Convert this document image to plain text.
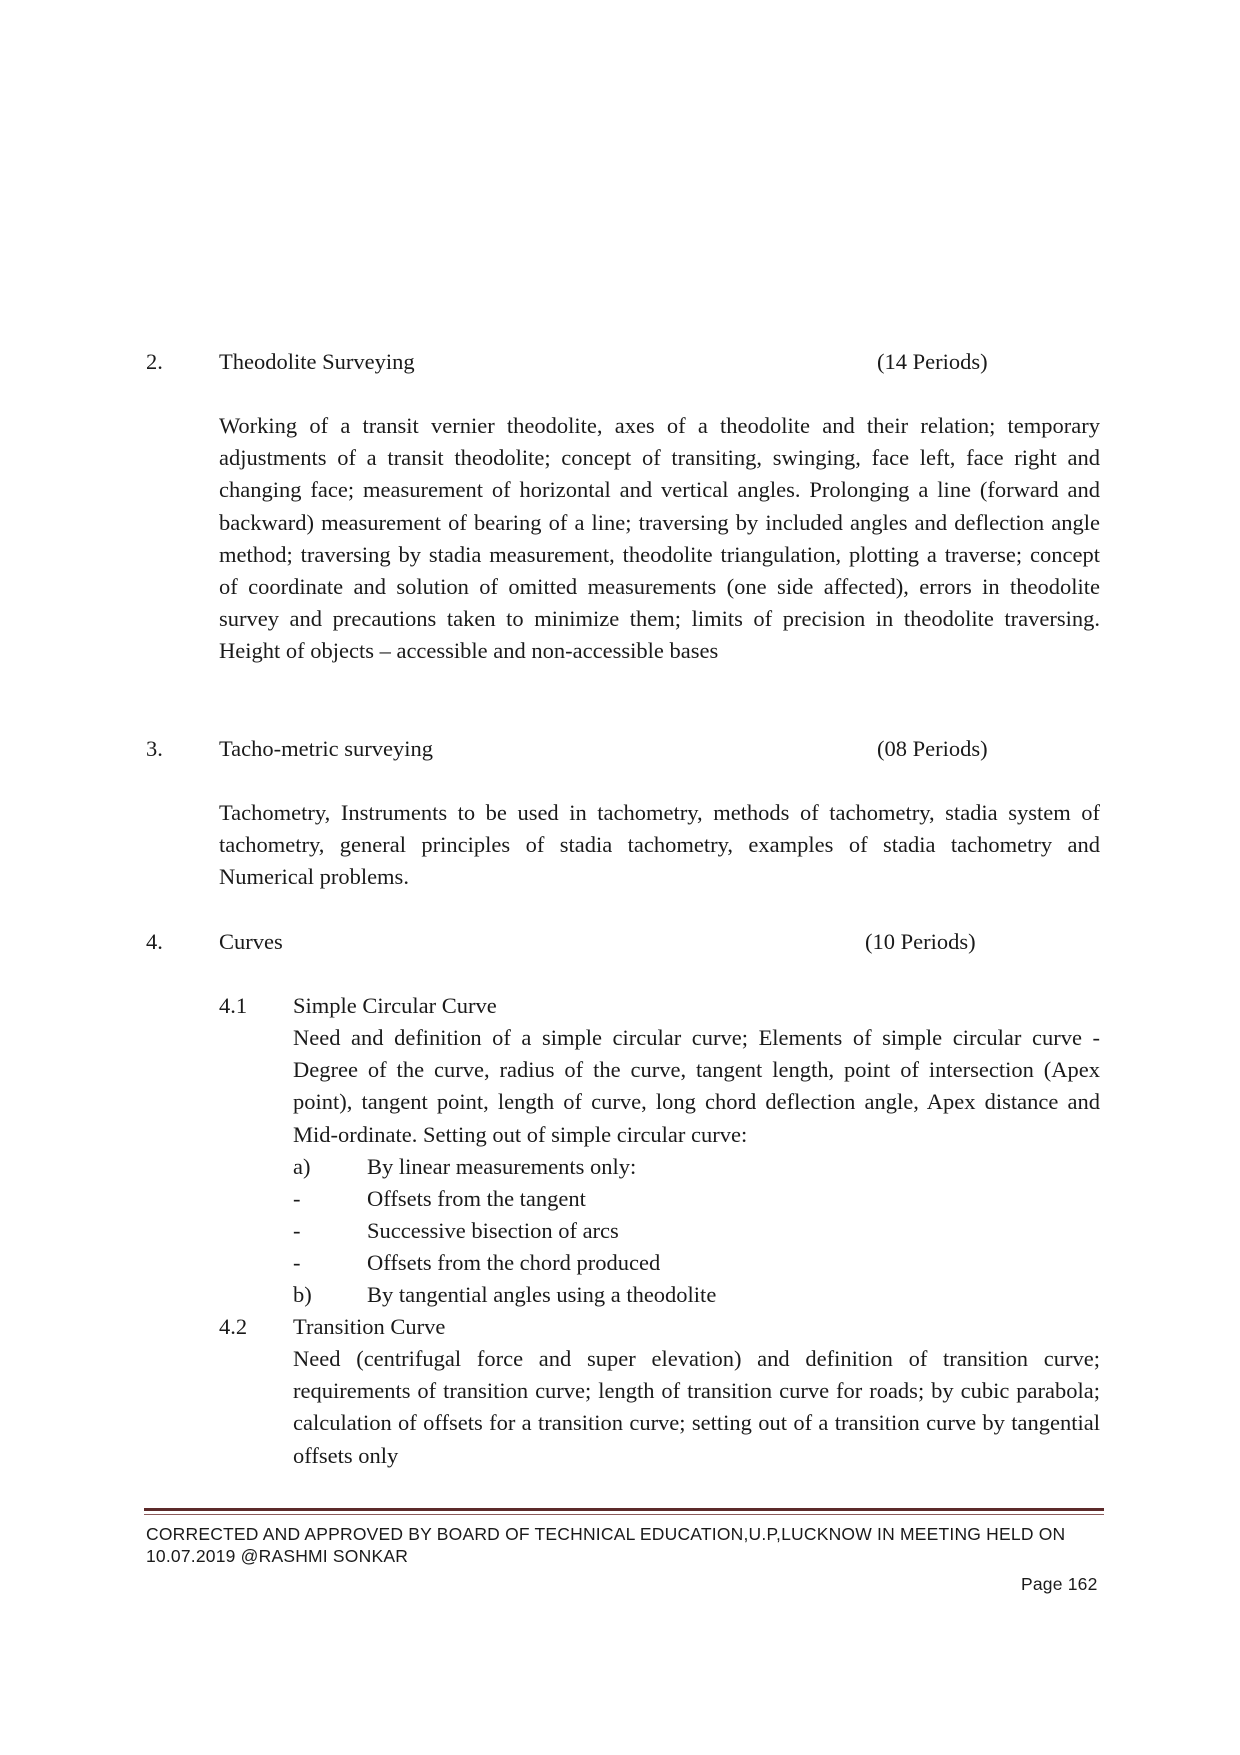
2. Theodolite Surveying	(14 Periods)
Working of a transit vernier theodolite, axes of a theodolite and their relation; temporary adjustments of a transit theodolite; concept of transiting, swinging, face left, face right and changing face; measurement of horizontal and vertical angles. Prolonging a line (forward and backward) measurement of bearing of a line; traversing by included angles and deflection angle method; traversing by stadia measurement, theodolite triangulation, plotting a traverse; concept of coordinate and solution of omitted measurements (one side affected), errors in theodolite survey and precautions taken to minimize them; limits of precision in theodolite traversing. Height of objects – accessible and non-accessible bases
3. Tacho-metric surveying	(08 Periods)
Tachometry, Instruments to be used in tachometry, methods of tachometry, stadia system of tachometry, general principles of stadia tachometry, examples of stadia tachometry and Numerical problems.
4. Curves	(10 Periods)
4.1 Simple Circular Curve
Need and definition of a simple circular curve; Elements of simple circular curve - Degree of the curve, radius of the curve, tangent length, point of intersection (Apex point), tangent point, length of curve, long chord deflection angle, Apex distance and Mid-ordinate. Setting out of simple circular curve:
a)	By linear measurements only:
-	Offsets from the tangent
-	Successive bisection of arcs
-	Offsets from the chord produced
b) By tangential angles using a theodolite
4.2 Transition Curve
Need (centrifugal force and super elevation) and definition of transition curve; requirements of transition curve; length of transition curve for roads; by cubic parabola; calculation of offsets for a transition curve; setting out of a transition curve by tangential offsets only
CORRECTED AND APPROVED BY BOARD OF TECHNICAL EDUCATION,U.P,LUCKNOW IN MEETING HELD ON
10.07.2019 @RASHMI SONKAR
Page 162
